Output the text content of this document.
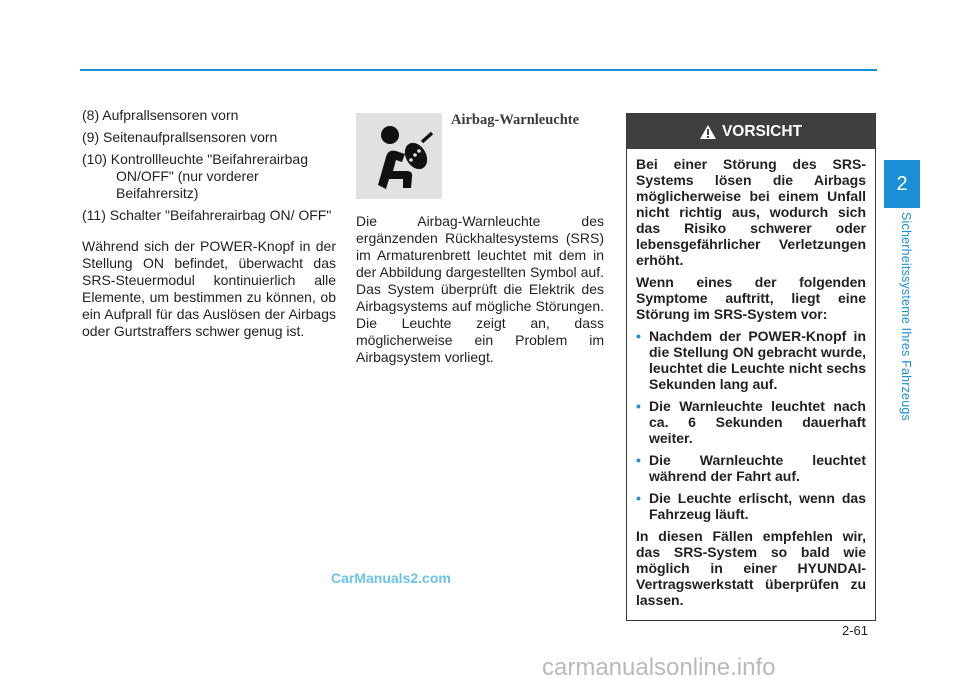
(8) Aufprallsensoren vorn
(9) Seitenaufprallsensoren vorn
(10) Kontrollleuchte "Beifahrerairbag ON/OFF" (nur vorderer Beifahrersitz)
(11) Schalter "Beifahrerairbag ON/ OFF"

Während sich der POWER-Knopf in der Stellung ON befindet, überwacht das SRS-Steuermodul kontinuierlich alle Elemente, um bestimmen zu können, ob ein Aufprall für das Auslösen der Airbags oder Gurtstraffers schwer genug ist.

Airbag-Warnleuchte

Die Airbag-Warnleuchte des ergänzenden Rückhaltesystems (SRS) im Armaturenbrett leuchtet mit dem in der Abbildung dargestellten Symbol auf. Das System überprüft die Elektrik des Airbagsystems auf mögliche Störungen. Die Leuchte zeigt an, dass möglicherweise ein Problem im Airbagsystem vorliegt.

VORSICHT

Bei einer Störung des SRS-Systems lösen die Airbags möglicherweise bei einem Unfall nicht richtig aus, wodurch sich das Risiko schwerer oder lebensgefährlicher Verletzungen erhöht.

Wenn eines der folgenden Symptome auftritt, liegt eine Störung im SRS-System vor:

• Nachdem der POWER-Knopf in die Stellung ON gebracht wurde, leuchtet die Leuchte nicht sechs Sekunden lang auf.
• Die Warnleuchte leuchtet nach ca. 6 Sekunden dauerhaft weiter.
• Die Warnleuchte leuchtet während der Fahrt auf.
• Die Leuchte erlischt, wenn das Fahrzeug läuft.

In diesen Fällen empfehlen wir, das SRS-System so bald wie möglich in einer HYUNDAI-Vertragswerkstatt überprüfen zu lassen.

2
Sicherheitssysteme Ihres Fahrzeugs
2-61
CarManuals2.com
carmanualsonline.info
